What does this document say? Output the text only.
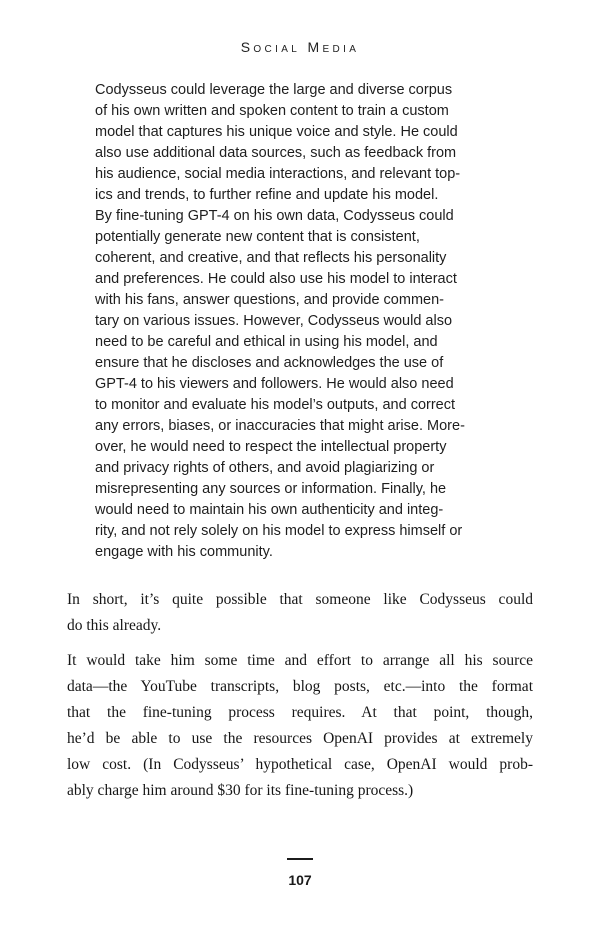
Social Media
Codysseus could leverage the large and diverse corpus
of his own written and spoken content to train a custom
model that captures his unique voice and style. He could
also use additional data sources, such as feedback from
his audience, social media interactions, and relevant top-
ics and trends, to further refine and update his model.
By fine-tuning GPT-4 on his own data, Codysseus could
potentially generate new content that is consistent,
coherent, and creative, and that reflects his personality
and preferences. He could also use his model to interact
with his fans, answer questions, and provide commen-
tary on various issues. However, Codysseus would also
need to be careful and ethical in using his model, and
ensure that he discloses and acknowledges the use of
GPT-4 to his viewers and followers. He would also need
to monitor and evaluate his model’s outputs, and correct
any errors, biases, or inaccuracies that might arise. More-
over, he would need to respect the intellectual property
and privacy rights of others, and avoid plagiarizing or
misrepresenting any sources or information. Finally, he
would need to maintain his own authenticity and integ-
rity, and not rely solely on his model to express himself or
engage with his community.
In short, it’s quite possible that someone like Codysseus could
do this already.
It would take him some time and effort to arrange all his source
data—the YouTube transcripts, blog posts, etc.—into the format
that the fine-tuning process requires. At that point, though,
he’d be able to use the resources OpenAI provides at extremely
low cost. (In Codysseus’ hypothetical case, OpenAI would prob-
ably charge him around $30 for its fine-tuning process.)
107
